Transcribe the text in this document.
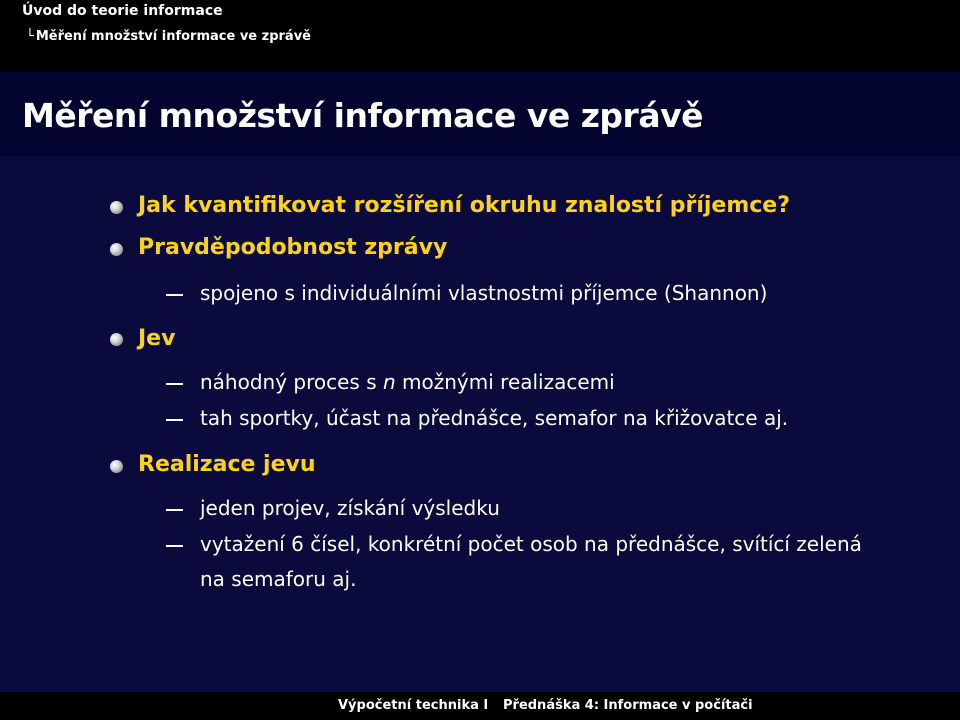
Úvod do teorie informace
└ Měření množství informace ve zprávě
Měření množství informace ve zprávě
Jak kvantifikovat rozšíření okruhu znalostí příjemce?
Pravděpodobnost zprávy
spojeno s individuálními vlastnostmi příjemce (Shannon)
Jev
náhodný proces s n možnými realizacemi
tah sportky, účast na přednášce, semafor na křižovatce aj.
Realizace jevu
jeden projev, získání výsledku
vytažení 6 čísel, konkrétní počet osob na přednášce, svítící zelená
na semaforu aj.
Výpočetní technika I Přednáška 4: Informace v počítači
